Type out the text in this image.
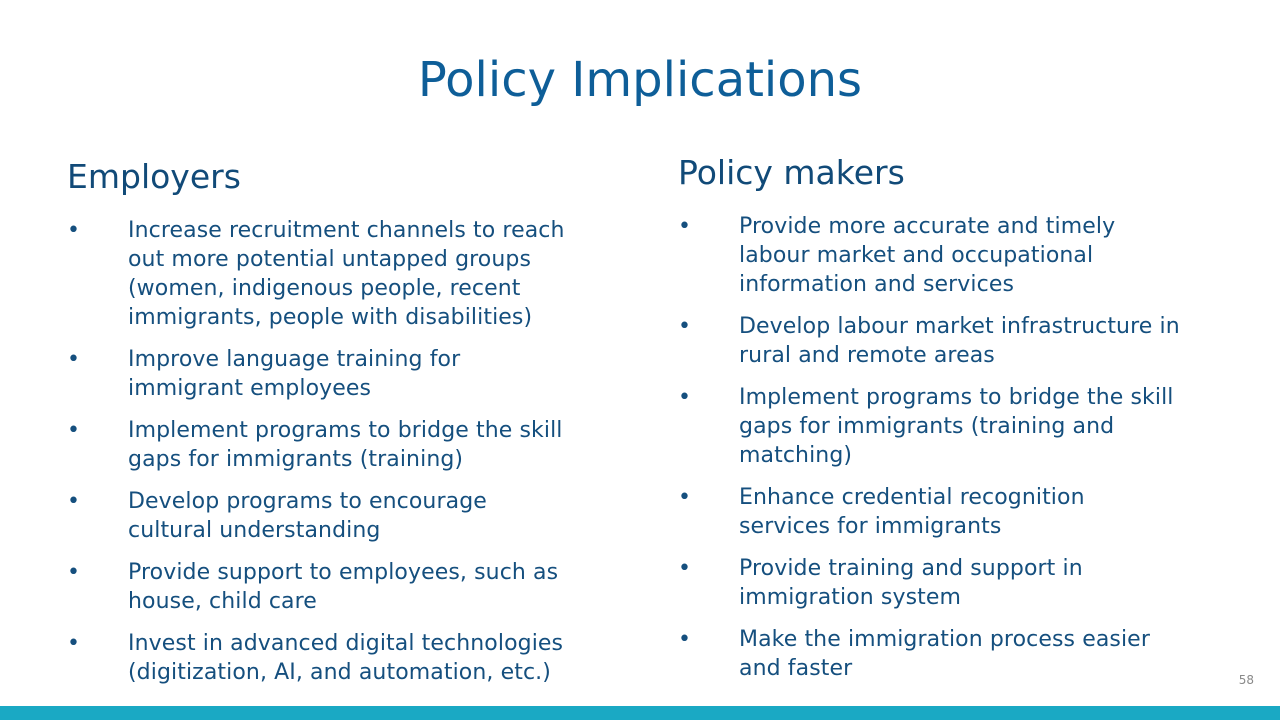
Policy Implications
Employers
•	Increase recruitment channels to reach
out more potential untapped groups
(women, indigenous people, recent
immigrants, people with disabilities)
•	Improve language training for
immigrant employees
•	Implement programs to bridge the skill
gaps for immigrants (training)
•	Develop programs to encourage
cultural understanding
•	Provide support to employees, such as
house, child care
•	Invest in advanced digital technologies
(digitization, AI, and automation, etc.)
Policy makers
•	Provide more accurate and timely
labour market and occupational
information and services
•	Develop labour market infrastructure in
rural and remote areas
•	Implement programs to bridge the skill
gaps for immigrants (training and
matching)
•	Enhance credential recognition
services for immigrants
•	Provide training and support in
immigration system
•	Make the immigration process easier
and faster	58
